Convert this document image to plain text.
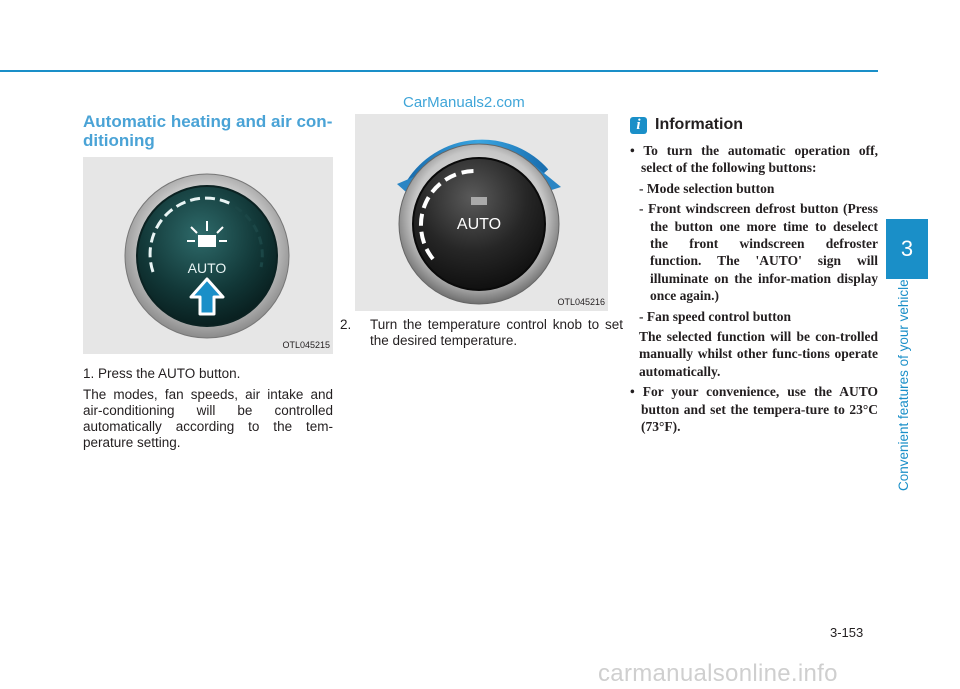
CarManuals2.com

Automatic heating and air con-

ditioning

AUTO
OTL045215

1. Press the AUTO button.

The modes, fan speeds, air intake and air-conditioning will be controlled automatically according to the tem-perature setting.

AUTO
OTL045216

2. Turn the temperature control knob to set the desired temperature.

i Information

• To turn the automatic operation off, select of the following buttons:

- Mode selection button

- Front windscreen defrost button (Press the button one more time to deselect the front windscreen defroster function. The 'AUTO' sign will illuminate on the infor-mation display once again.)

- Fan speed control button

The selected function will be con-trolled manually whilst other func-tions operate automatically.

• For your convenience, use the AUTO button and set the tempera-ture to 23°C (73°F).

3
Convenient features of your vehicle
3-153
carmanualsonline.info
